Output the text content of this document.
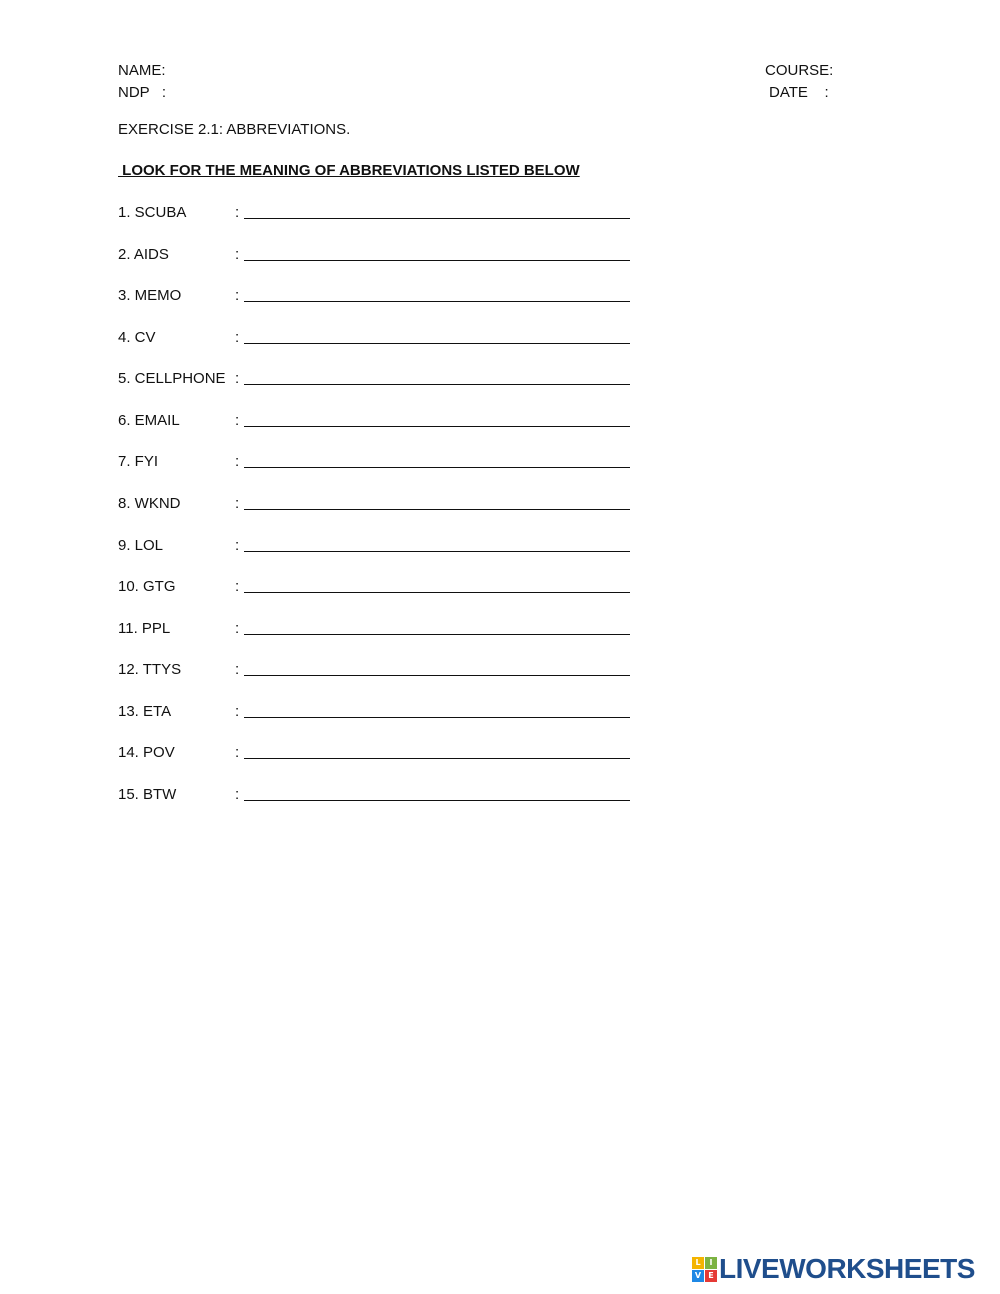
NAME:
NDP   :
COURSE:
DATE    :
EXERCISE 2.1: ABBREVIATIONS.
LOOK FOR THE MEANING OF ABBREVIATIONS LISTED BELOW
1. SCUBA	:
2. AIDS	:
3. MEMO	:
4. CV	:
5. CELLPHONE :
6. EMAIL	:
7. FYI	:
8. WKND	:
9. LOL	:
10. GTG	:
11. PPL	:
12. TTYS	:
13. ETA	:
14. POV	:
15. BTW	:
L	I
V E LIVEWORKSHEETS
